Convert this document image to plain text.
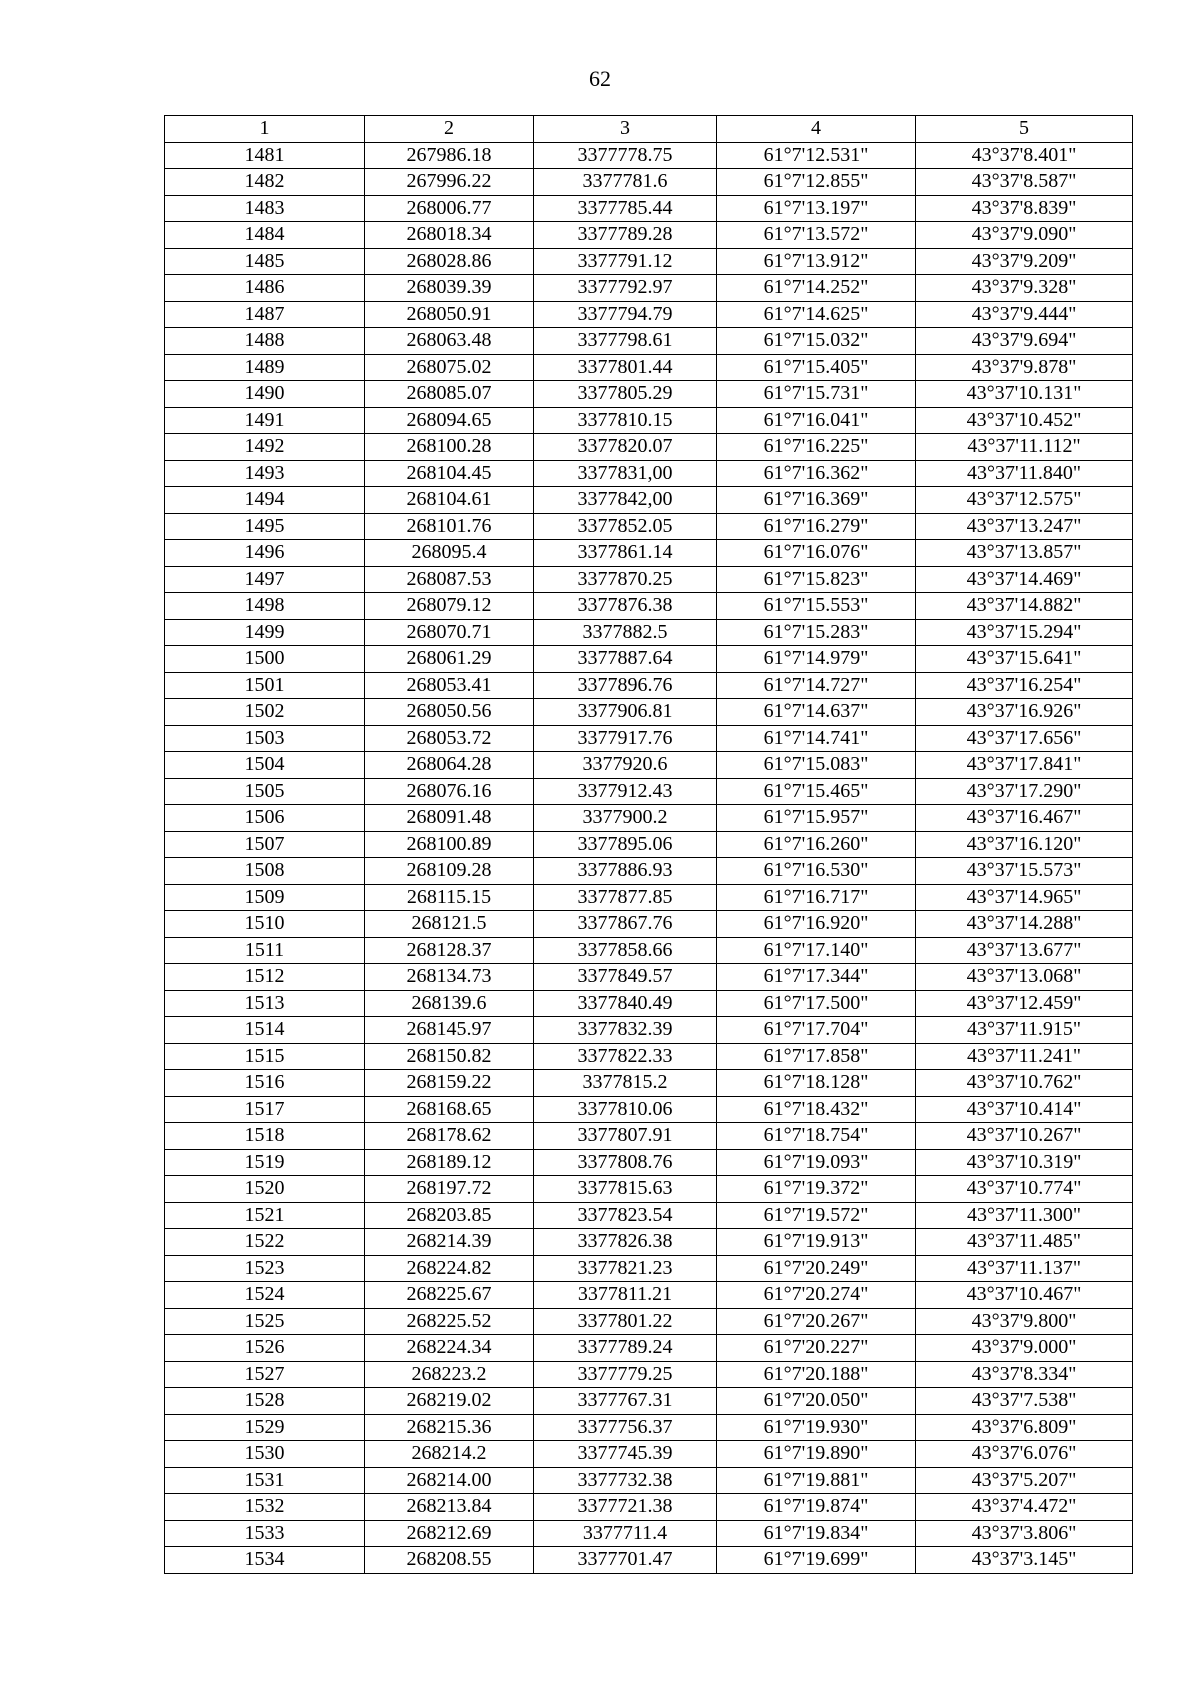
62
1	2	3	4	5
1481	267986.18	3377778.75	61°7'12.531"	43°37'8.401"
1482	267996.22	3377781.6	61°7'12.855"	43°37'8.587"
1483	268006.77	3377785.44	61°7'13.197"	43°37'8.839"
1484	268018.34	3377789.28	61°7'13.572"	43°37'9.090"
1485	268028.86	3377791.12	61°7'13.912"	43°37'9.209"
1486	268039.39	3377792.97	61°7'14.252"	43°37'9.328"
1487	268050.91	3377794.79	61°7'14.625"	43°37'9.444"
1488	268063.48	3377798.61	61°7'15.032"	43°37'9.694"
1489	268075.02	3377801.44	61°7'15.405"	43°37'9.878"
1490	268085.07	3377805.29	61°7'15.731"	43°37'10.131"
1491	268094.65	3377810.15	61°7'16.041"	43°37'10.452"
1492	268100.28	3377820.07	61°7'16.225"	43°37'11.112"
1493	268104.45	3377831,00	61°7'16.362"	43°37'11.840"
1494	268104.61	3377842,00	61°7'16.369"	43°37'12.575"
1495	268101.76	3377852.05	61°7'16.279"	43°37'13.247"
1496	268095.4	3377861.14	61°7'16.076"	43°37'13.857"
1497	268087.53	3377870.25	61°7'15.823"	43°37'14.469"
1498	268079.12	3377876.38	61°7'15.553"	43°37'14.882"
1499	268070.71	3377882.5	61°7'15.283"	43°37'15.294"
1500	268061.29	3377887.64	61°7'14.979"	43°37'15.641"
1501	268053.41	3377896.76	61°7'14.727"	43°37'16.254"
1502	268050.56	3377906.81	61°7'14.637"	43°37'16.926"
1503	268053.72	3377917.76	61°7'14.741"	43°37'17.656"
1504	268064.28	3377920.6	61°7'15.083"	43°37'17.841"
1505	268076.16	3377912.43	61°7'15.465"	43°37'17.290"
1506	268091.48	3377900.2	61°7'15.957"	43°37'16.467"
1507	268100.89	3377895.06	61°7'16.260"	43°37'16.120"
1508	268109.28	3377886.93	61°7'16.530"	43°37'15.573"
1509	268115.15	3377877.85	61°7'16.717"	43°37'14.965"
1510	268121.5	3377867.76	61°7'16.920"	43°37'14.288"
1511	268128.37	3377858.66	61°7'17.140"	43°37'13.677"
1512	268134.73	3377849.57	61°7'17.344"	43°37'13.068"
1513	268139.6	3377840.49	61°7'17.500"	43°37'12.459"
1514	268145.97	3377832.39	61°7'17.704"	43°37'11.915"
1515	268150.82	3377822.33	61°7'17.858"	43°37'11.241"
1516	268159.22	3377815.2	61°7'18.128"	43°37'10.762"
1517	268168.65	3377810.06	61°7'18.432"	43°37'10.414"
1518	268178.62	3377807.91	61°7'18.754"	43°37'10.267"
1519	268189.12	3377808.76	61°7'19.093"	43°37'10.319"
1520	268197.72	3377815.63	61°7'19.372"	43°37'10.774"
1521	268203.85	3377823.54	61°7'19.572"	43°37'11.300"
1522	268214.39	3377826.38	61°7'19.913"	43°37'11.485"
1523	268224.82	3377821.23	61°7'20.249"	43°37'11.137"
1524	268225.67	3377811.21	61°7'20.274"	43°37'10.467"
1525	268225.52	3377801.22	61°7'20.267"	43°37'9.800"
1526	268224.34	3377789.24	61°7'20.227"	43°37'9.000"
1527	268223.2	3377779.25	61°7'20.188"	43°37'8.334"
1528	268219.02	3377767.31	61°7'20.050"	43°37'7.538"
1529	268215.36	3377756.37	61°7'19.930"	43°37'6.809"
1530	268214.2	3377745.39	61°7'19.890"	43°37'6.076"
1531	268214.00	3377732.38	61°7'19.881"	43°37'5.207"
1532	268213.84	3377721.38	61°7'19.874"	43°37'4.472"
1533	268212.69	3377711.4	61°7'19.834"	43°37'3.806"
1534	268208.55	3377701.47	61°7'19.699"	43°37'3.145"
